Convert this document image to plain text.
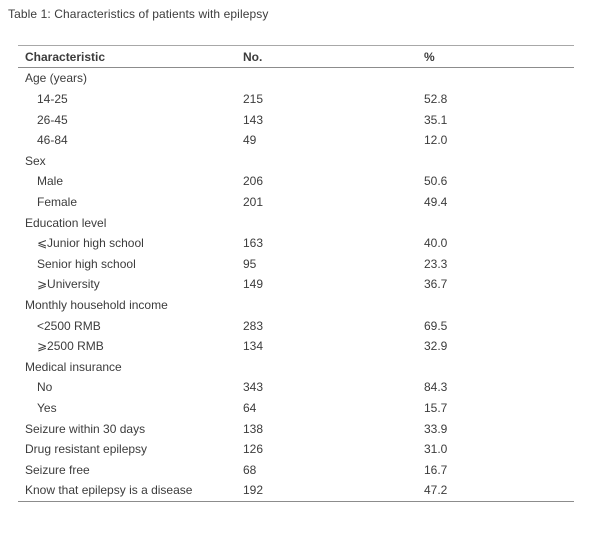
Table 1: Characteristics of patients with epilepsy
Characteristic	No.	%
Age (years)
14-25	215	52.8
26-45	143	35.1
46-84	49	12.0
Sex
Male	206	50.6
Female	201	49.4
Education level
⩽Junior high school	163	40.0
Senior high school	95	23.3
⩾University	149	36.7
Monthly household income
<2500 RMB	283	69.5
⩾2500 RMB	134	32.9
Medical insurance
No	343	84.3
Yes	64	15.7
Seizure within 30 days	138	33.9
Drug resistant epilepsy	126	31.0
Seizure free	68	16.7
Know that epilepsy is a disease	192	47.2
